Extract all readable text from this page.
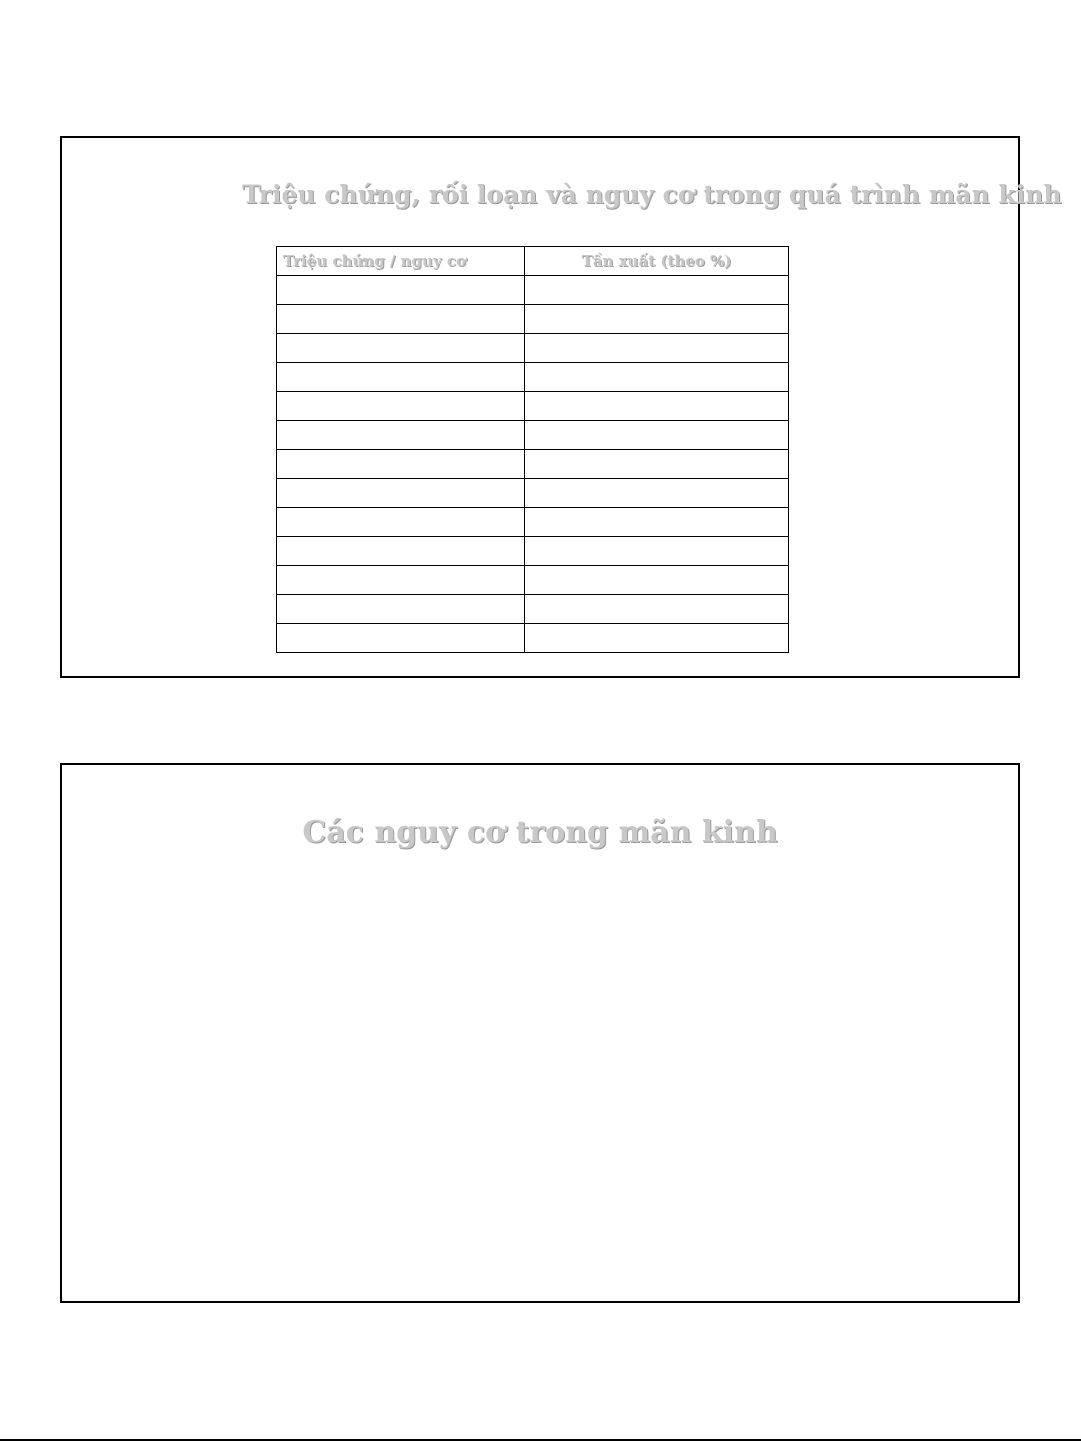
Triệu chứng, rối loạn và nguy cơ trong quá trình mãn kinh
Triệu chứng / nguy cơ	Tần xuất (theo %)

Các nguy cơ trong mãn kinh
